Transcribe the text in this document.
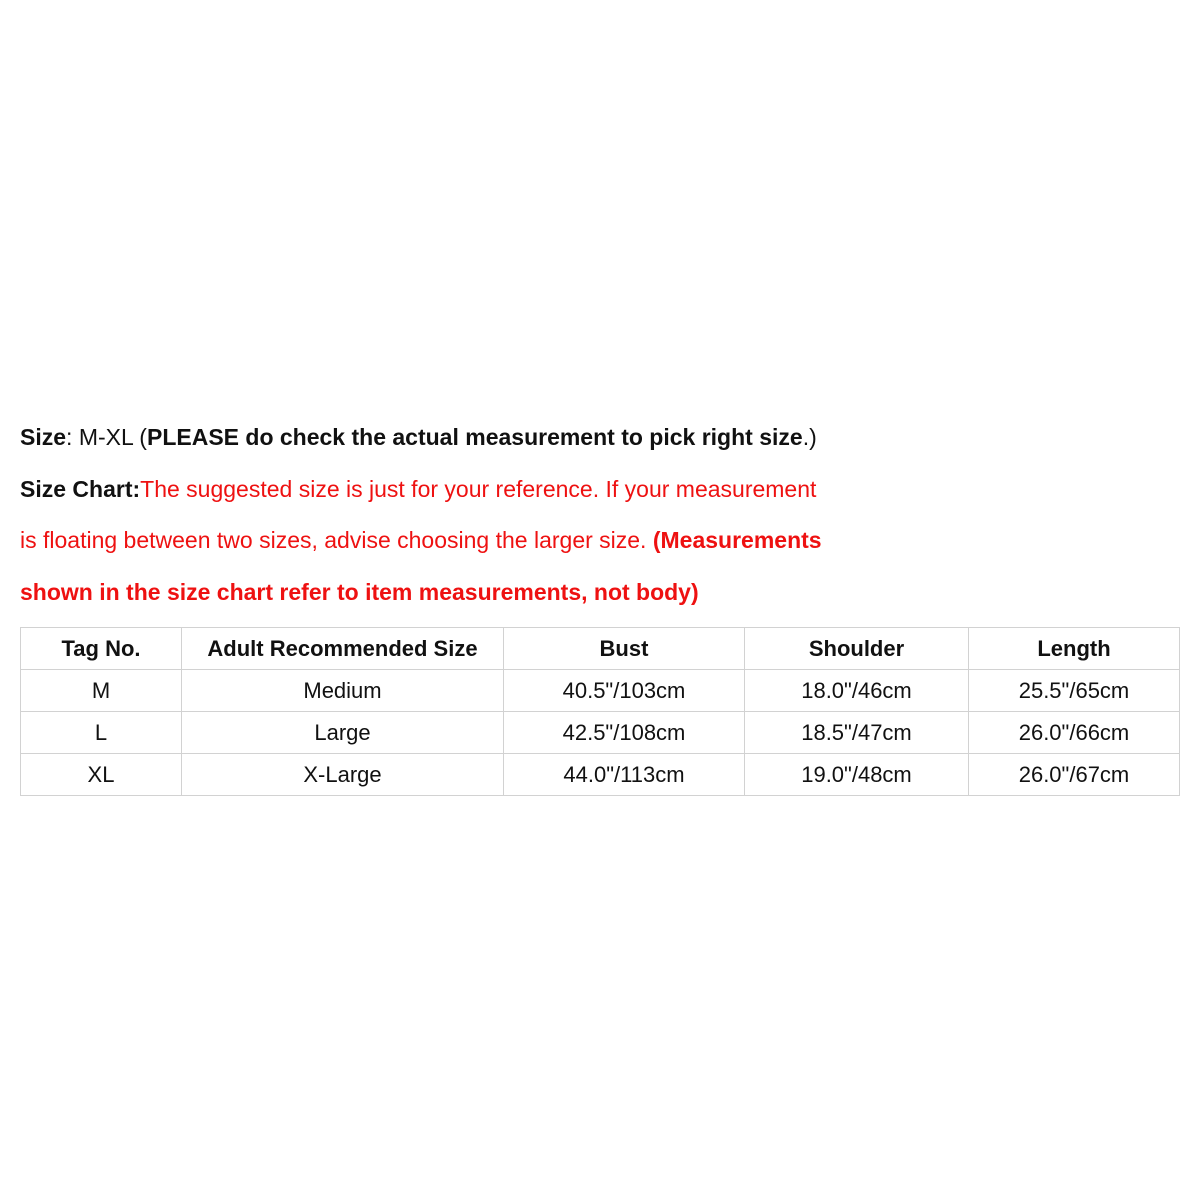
Size: M-XL (PLEASE do check the actual measurement to pick right size.)
Size Chart:The suggested size is just for your reference. If your measurement
is floating between two sizes, advise choosing the larger size. (Measurements
shown in the size chart refer to item measurements, not body)
Tag No.	Adult Recommended Size	Bust	Shoulder	Length
M	Medium	40.5"/103cm	18.0"/46cm	25.5"/65cm
L	Large	42.5"/108cm	18.5"/47cm	26.0"/66cm
XL	X-Large	44.0"/113cm	19.0"/48cm	26.0"/67cm
